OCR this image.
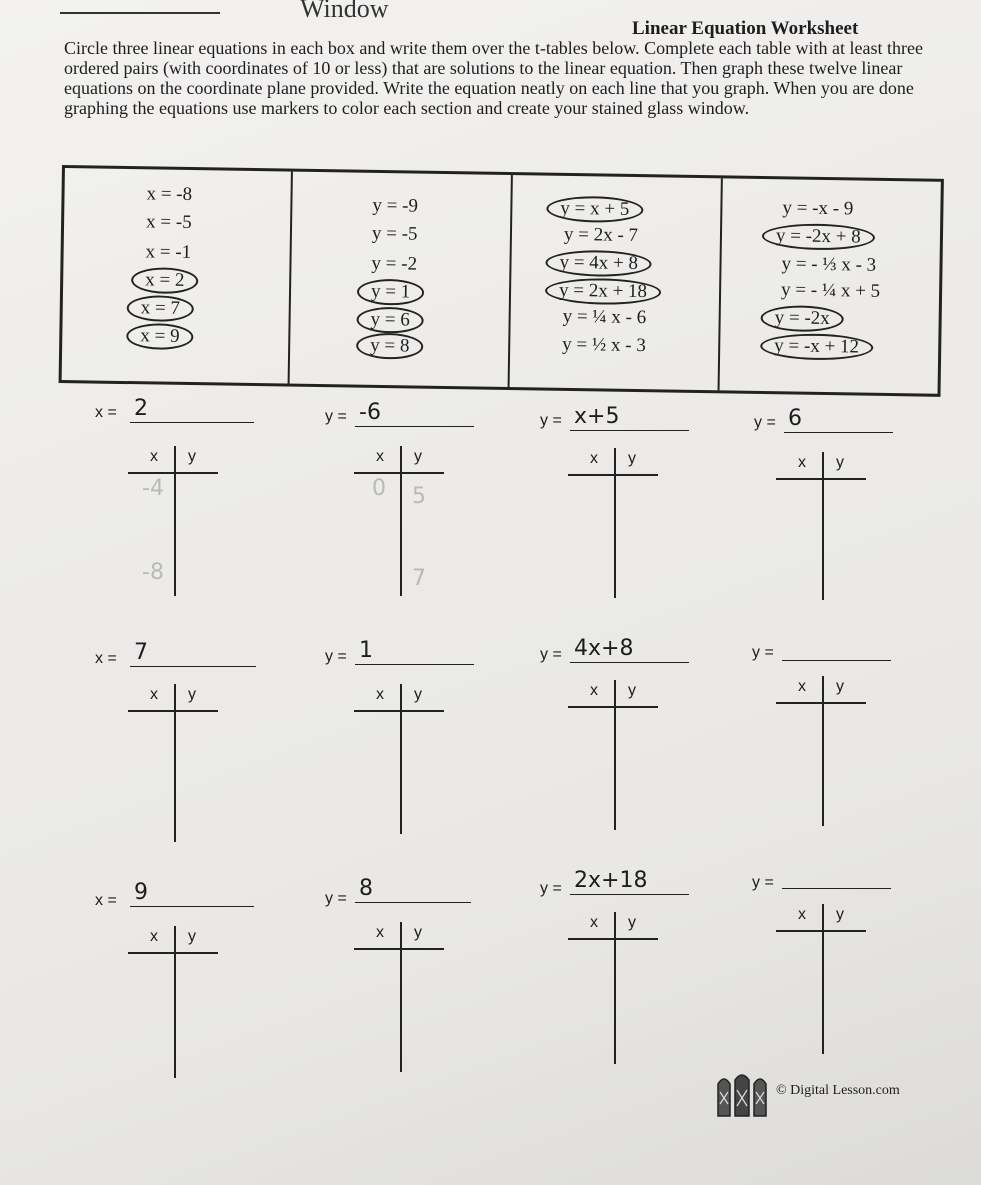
Window
Linear Equation Worksheet
Circle three linear equations in each box and write them over the t-tables below. Complete each table with at least three ordered pairs (with coordinates of 10 or less) that are solutions to the linear equation. Then graph these twelve linear equations on the coordinate plane provided. Write the equation neatly on each line that you graph. When you are done graphing the equations use markers to color each section and create your stained glass window.
x = -8
x = -5
x = -1
x = 2
x = 7
x = 9
y = -9
y = -5
y = -2
y = 1
y = 6
y = 8
y = x + 5
y = 2x - 7
y = 4x + 8
y = 2x + 18
y = ¼ x - 6
y = ½ x - 3
y = -x - 9
y = -2x + 8
y = - ⅓ x - 3
y = - ¼ x + 5
y = -2x
y = -x + 12
x = 2
x y
-4
-8
y = -6
x y
0 5
7
y = x+5
x y
y = 6
x y
x = 7
x y
y = 1
x y
y = 4x+8
x y
y =
x y
x = 9
x y
y = 8
x y
y = 2x+18
x y
y =
x y
© Digital Lesson.com
